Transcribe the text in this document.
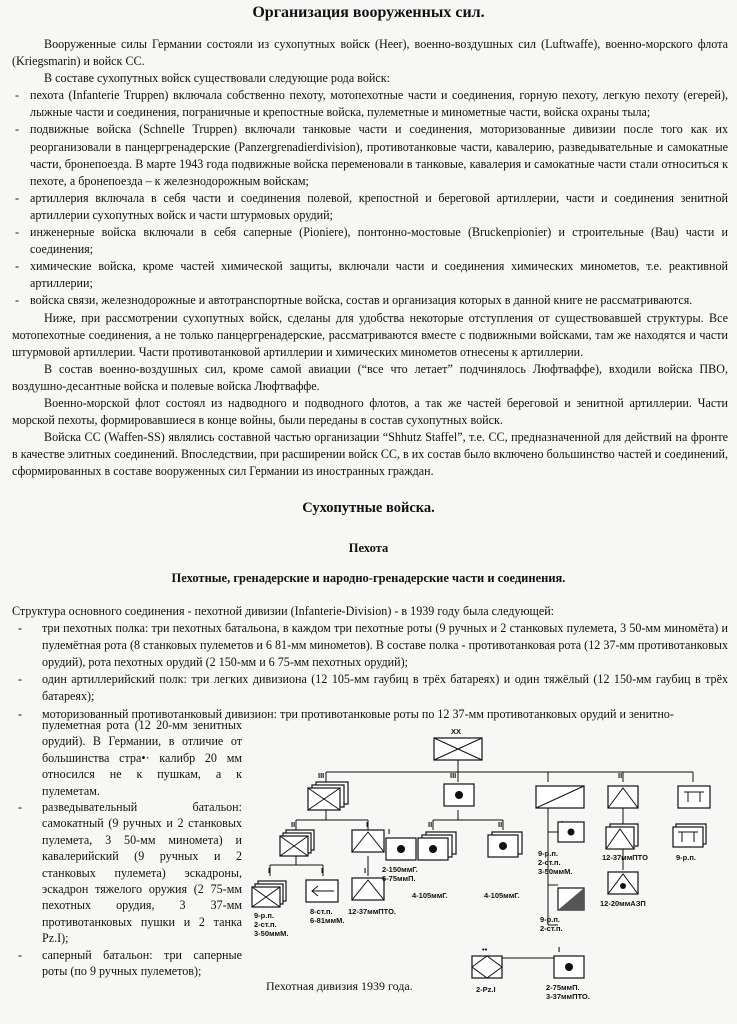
Организация вооруженных сил.

Вооруженные силы Германии состояли из сухопутных войск (Heer), военно-воздушных сил (Luftwaffe), военно-морского флота (Kriegsmarin) и войск СС.

В составе сухопутных войск существовали следующие рода войск:

- пехота (Infanterie Truppen) включала собственно пехоту, мотопехотные части и соединения, горную пехоту, легкую пехоту (егерей), лыжные части и соединения, пограничные и крепостные войска, пулеметные и минометные части, войска охраны тыла;

- подвижные войска (Schnelle Truppen) включали танковые части и соединения, моторизованные дивизии после того как их реорганизовали в панцергренадерские (Panzergrenadierdivision), противотанковые части, кавалерию, разведывательные и самокатные части, бронепоезда. В марте 1943 года подвижные войска переменовали в танковые, кавалерия и самокатные части стали относиться к пехоте, а бронепоезда – к железнодорожным войскам;

- артиллерия включала в себя части и соединения полевой, крепостной и береговой артиллерии, части и соединения зенитной артиллерии сухопутных войск и части штурмовых орудий;

- инженерные войска включали в себя саперные (Pioniere), понтонно-мостовые (Bruckenpionier) и строительные (Bau) части и соединения;

- химические войска, кроме частей химической защиты, включали части и соединения химических минометов, т.е. реактивной артиллерии;

- войска связи, железнодорожные и автотранспортные войска, состав и организация которых в данной книге не рассматриваются.

Ниже, при рассмотрении сухопутных войск, сделаны для удобства некоторые отступления от существовавшей структуры. Все мотопехотные соединения, а не только панцергренадерские, рассматриваются вместе с подвижными войсками, там же находятся и части штурмовой артиллерии. Части противотанковой артиллерии и химических минометов отнесены к артиллерии.

В состав военно-воздушных сил, кроме самой авиации (“все что летает” подчинялось Люфтваффе), входили войска ПВО, воздушно-десантные войска и полевые войска Люфтваффе.

Военно-морской флот состоял из надводного и подводного флотов, а так же частей береговой и зенитной артиллерии. Части морской пехоты, формировавшиеся в конце войны, были переданы в состав сухопутных войск.

Войска СС (Waffen-SS) являлись составной частью организации “Shhutz Staffel”, т.е. СС, предназначенной для действий на фронте в качестве элитных соединений. Впоследствии, при расширении войск СС, в их состав было включено большинство частей и соединений, сформированных в составе вооруженных сил Германии из иностранных граждан.

Сухопутные войска.
Пехота
Пехотные, гренадерские и народно-гренадерские части и соединения.

Структура основного соединения - пехотной дивизии (Infanterie-Division) - в 1939 году была следующей:

- три пехотных полка: три пехотных батальона, в каждом три пехотные роты (9 ручных и 2 станковых пулемета, 3 50-мм миномёта) и пулемётная рота (8 станковых пулеметов и 6 81-мм минометов). В составе полка - противотанковая рота (12 37-мм противотанковых орудий), рота пехотных орудий (2 150-мм и 6 75-мм пехотных орудий);

- один артиллерийский полк: три легких дивизиона (12 105-мм гаубиц в трёх батареях) и один тяжёлый (12 150-мм гаубиц в трёх батареях);

- моторизованный противотанковый дивизион: три противотанковые роты по 12 37-мм противотанковых орудий и зенитно-

пулеметная рота (12 20-мм зенитных орудий). В Германии, в отличие от большинства стра•· калибр 20 мм относился не к пушкам, а к пулеметам.

- разведывательный батальон: самокатный (9 ручных и 2 станковых пулемета, 3 50-мм миномета) и кавалерийский (9 ручных и 2 станковых пулемета) эскадроны, эскадрон тяжелого оружия (2 75-мм пехотных орудия, 3 37-мм противотанковых пушки и 2 танка Pz.I);

- саперный батальон: три саперные роты (по 9 ручных пулеметов);

XX
III
II	I
I
9-р.п.
2-ст.п.
3-50ммМ.
I
8-ст.п.
6-81ммМ.
I
12-37ммПТО.
I
2-150ммГ.
6-75ммП.
III
II
4-105ммГ.
II
4-105ммГ.
9-р.п.
2-ст.п.
3-50ммМ.
9-р.п.
2-ст.п.
II
12-37ммПТО
12-20ммАЗП
9-р.п.
••
2-Pz.I
I
2-75ммП.
3-37ммПТО.
Пехотная дивизия 1939 года.
